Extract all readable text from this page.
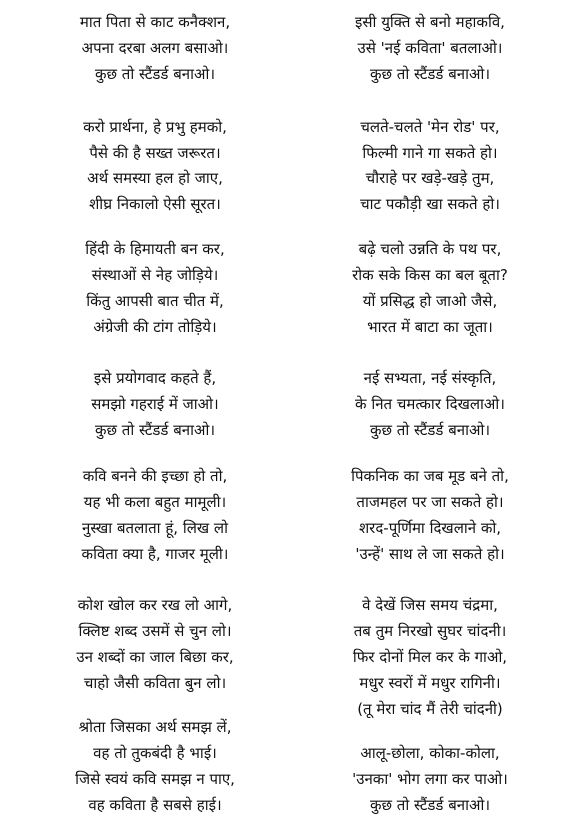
मात पिता से काट कनैक्शन,
अपना दरबा अलग बसाओ।
कुछ तो स्टैंडर्ड बनाओ।
करो प्रार्थना, हे प्रभु हमको,
पैसे की है सख्त जरूरत।
अर्थ समस्या हल हो जाए,
शीघ्र निकालो ऐसी सूरत।
हिंदी के हिमायती बन कर,
संस्थाओं से नेह जोड़िये।
किंतु आपसी बात चीत में,
अंग्रेजी की टांग तोड़िये।
इसे प्रयोगवाद कहते हैं,
समझो गहराई में जाओ।
कुछ तो स्टैंडर्ड बनाओ।
कवि बनने की इच्छा हो तो,
यह भी कला बहुत मामूली।
नुस्खा बतलाता हूं, लिख लो
कविता क्या है, गाजर मूली।
कोश खोल कर रख लो आगे,
क्लिष्ट शब्द उसमें से चुन लो।
उन शब्दों का जाल बिछा कर,
चाहो जैसी कविता बुन लो।
श्रोता जिसका अर्थ समझ लें,
वह तो तुकबंदी है भाई।
जिसे स्वयं कवि समझ न पाए,
वह कविता है सबसे हाई।
इसी युक्ति से बनो महाकवि,
उसे 'नई कविता' बतलाओ।
कुछ तो स्टैंडर्ड बनाओ।
चलते-चलते 'मेन रोड' पर,
फिल्मी गाने गा सकते हो।
चौराहे पर खड़े-खड़े तुम,
चाट पकौड़ी खा सकते हो।
बढ़े चलो उन्नति के पथ पर,
रोक सके किस का बल बूता?
यों प्रसिद्ध हो जाओ जैसे,
भारत में बाटा का जूता।
नई सभ्यता, नई संस्कृति,
के नित चमत्कार दिखलाओ।
कुछ तो स्टैंडर्ड बनाओ।
पिकनिक का जब मूड बने तो,
ताजमहल पर जा सकते हो।
शरद-पूर्णिमा दिखलाने को,
'उन्हें' साथ ले जा सकते हो।
वे देखें जिस समय चंद्रमा,
तब तुम निरखो सुघर चांदनी।
फिर दोनों मिल कर के गाओ,
मधुर स्वरों में मधुर रागिनी।
(तू मेरा चांद मैं तेरी चांदनी)
आलू-छोला, कोका-कोला,
'उनका' भोग लगा कर पाओ।
कुछ तो स्टैंडर्ड बनाओ।
